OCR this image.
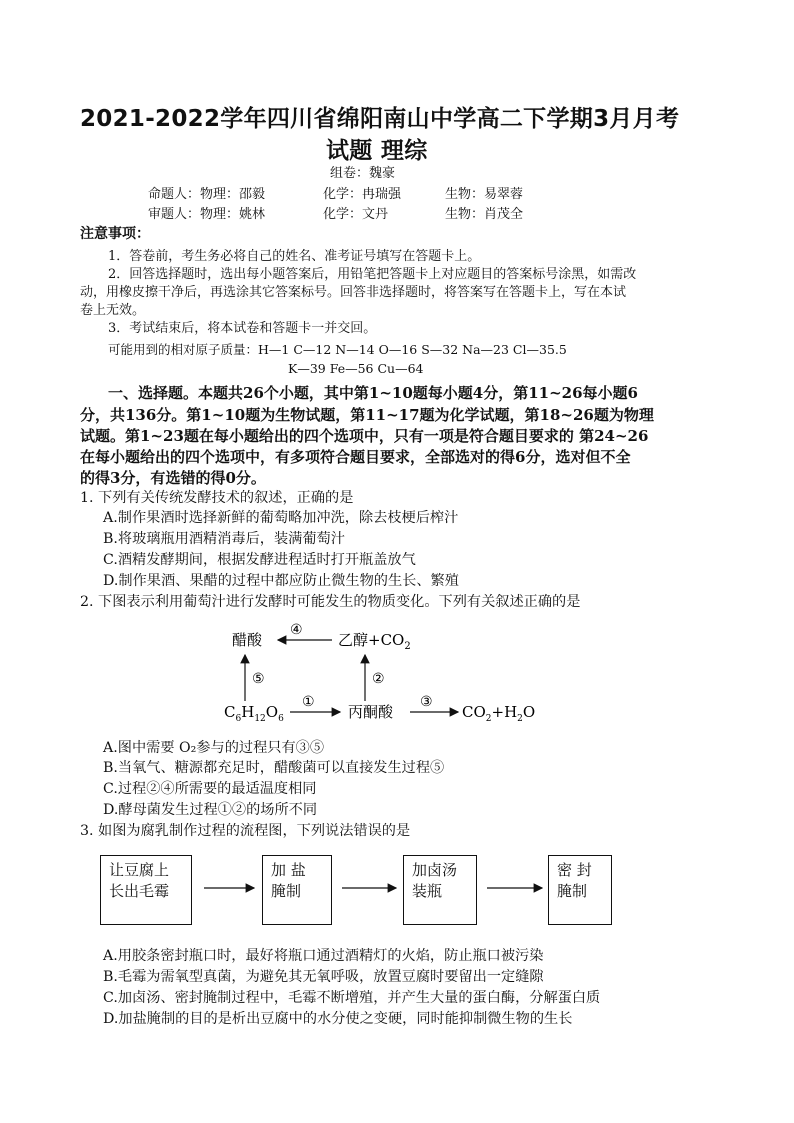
2021-2022学年四川省绵阳南山中学高二下学期3月月考
试题 理综
组卷：魏豪
命题人：物理：邵毅	化学：冉瑞强	生物：易翠蓉
审题人：物理：姚林	化学：文丹	生物：肖茂全
注意事项：
1．答卷前，考生务必将自己的姓名、准考证号填写在答题卡上。
2．回答选择题时，选出每小题答案后，用铅笔把答题卡上对应题目的答案标号涂黑，如需改
动，用橡皮擦干净后，再选涂其它答案标号。回答非选择题时，将答案写在答题卡上，写在本试
卷上无效。
3．考试结束后，将本试卷和答题卡一并交回。
可能用到的相对原子质量：H—1 C—12 N—14 O—16 S—32 Na—23 Cl—35.5
K—39 Fe—56 Cu—64
一、选择题。本题共26个小题，其中第1~10题每小题4分，第11~26每小题6
分，共136分。第1~10题为生物试题，第11~17题为化学试题，第18~26题为物理
试题。第1~23题在每小题给出的四个选项中，只有一项是符合题目要求的 第24~26
在每小题给出的四个选项中，有多项符合题目要求，全部选对的得6分，选对但不全
的得3分，有选错的得0分。
1. 下列有关传统发酵技术的叙述，正确的是
A.制作果酒时选择新鲜的葡萄略加冲洗，除去枝梗后榨汁
B.将玻璃瓶用酒精消毒后，装满葡萄汁
C.酒精发酵期间，根据发酵进程适时打开瓶盖放气
D.制作果酒、果醋的过程中都应防止微生物的生长、繁殖
2. 下图表示利用葡萄汁进行发酵时可能发生的物质变化。下列有关叙述正确的是
醋酸	乙醇$+CO_2$
④
⑤	②
$C_6H_{12}O_6$
①
丙酮酸
③
$CO_2+H_2O$
A.图中需要 O₂参与的过程只有③⑤
B.当氧气、糖源都充足时，醋酸菌可以直接发生过程⑤
C.过程②④所需要的最适温度相同
D.酵母菌发生过程①②的场所不同
3. 如图为腐乳制作过程的流程图，下列说法错误的是
让豆腐上
长出毛霉
加 盐
腌制
加卤汤
装瓶
密 封
腌制
A.用胶条密封瓶口时，最好将瓶口通过酒精灯的火焰，防止瓶口被污染
B.毛霉为需氧型真菌，为避免其无氧呼吸，放置豆腐时要留出一定缝隙
C.加卤汤、密封腌制过程中，毛霉不断增殖，并产生大量的蛋白酶，分解蛋白质
D.加盐腌制的目的是析出豆腐中的水分使之变硬，同时能抑制微生物的生长
